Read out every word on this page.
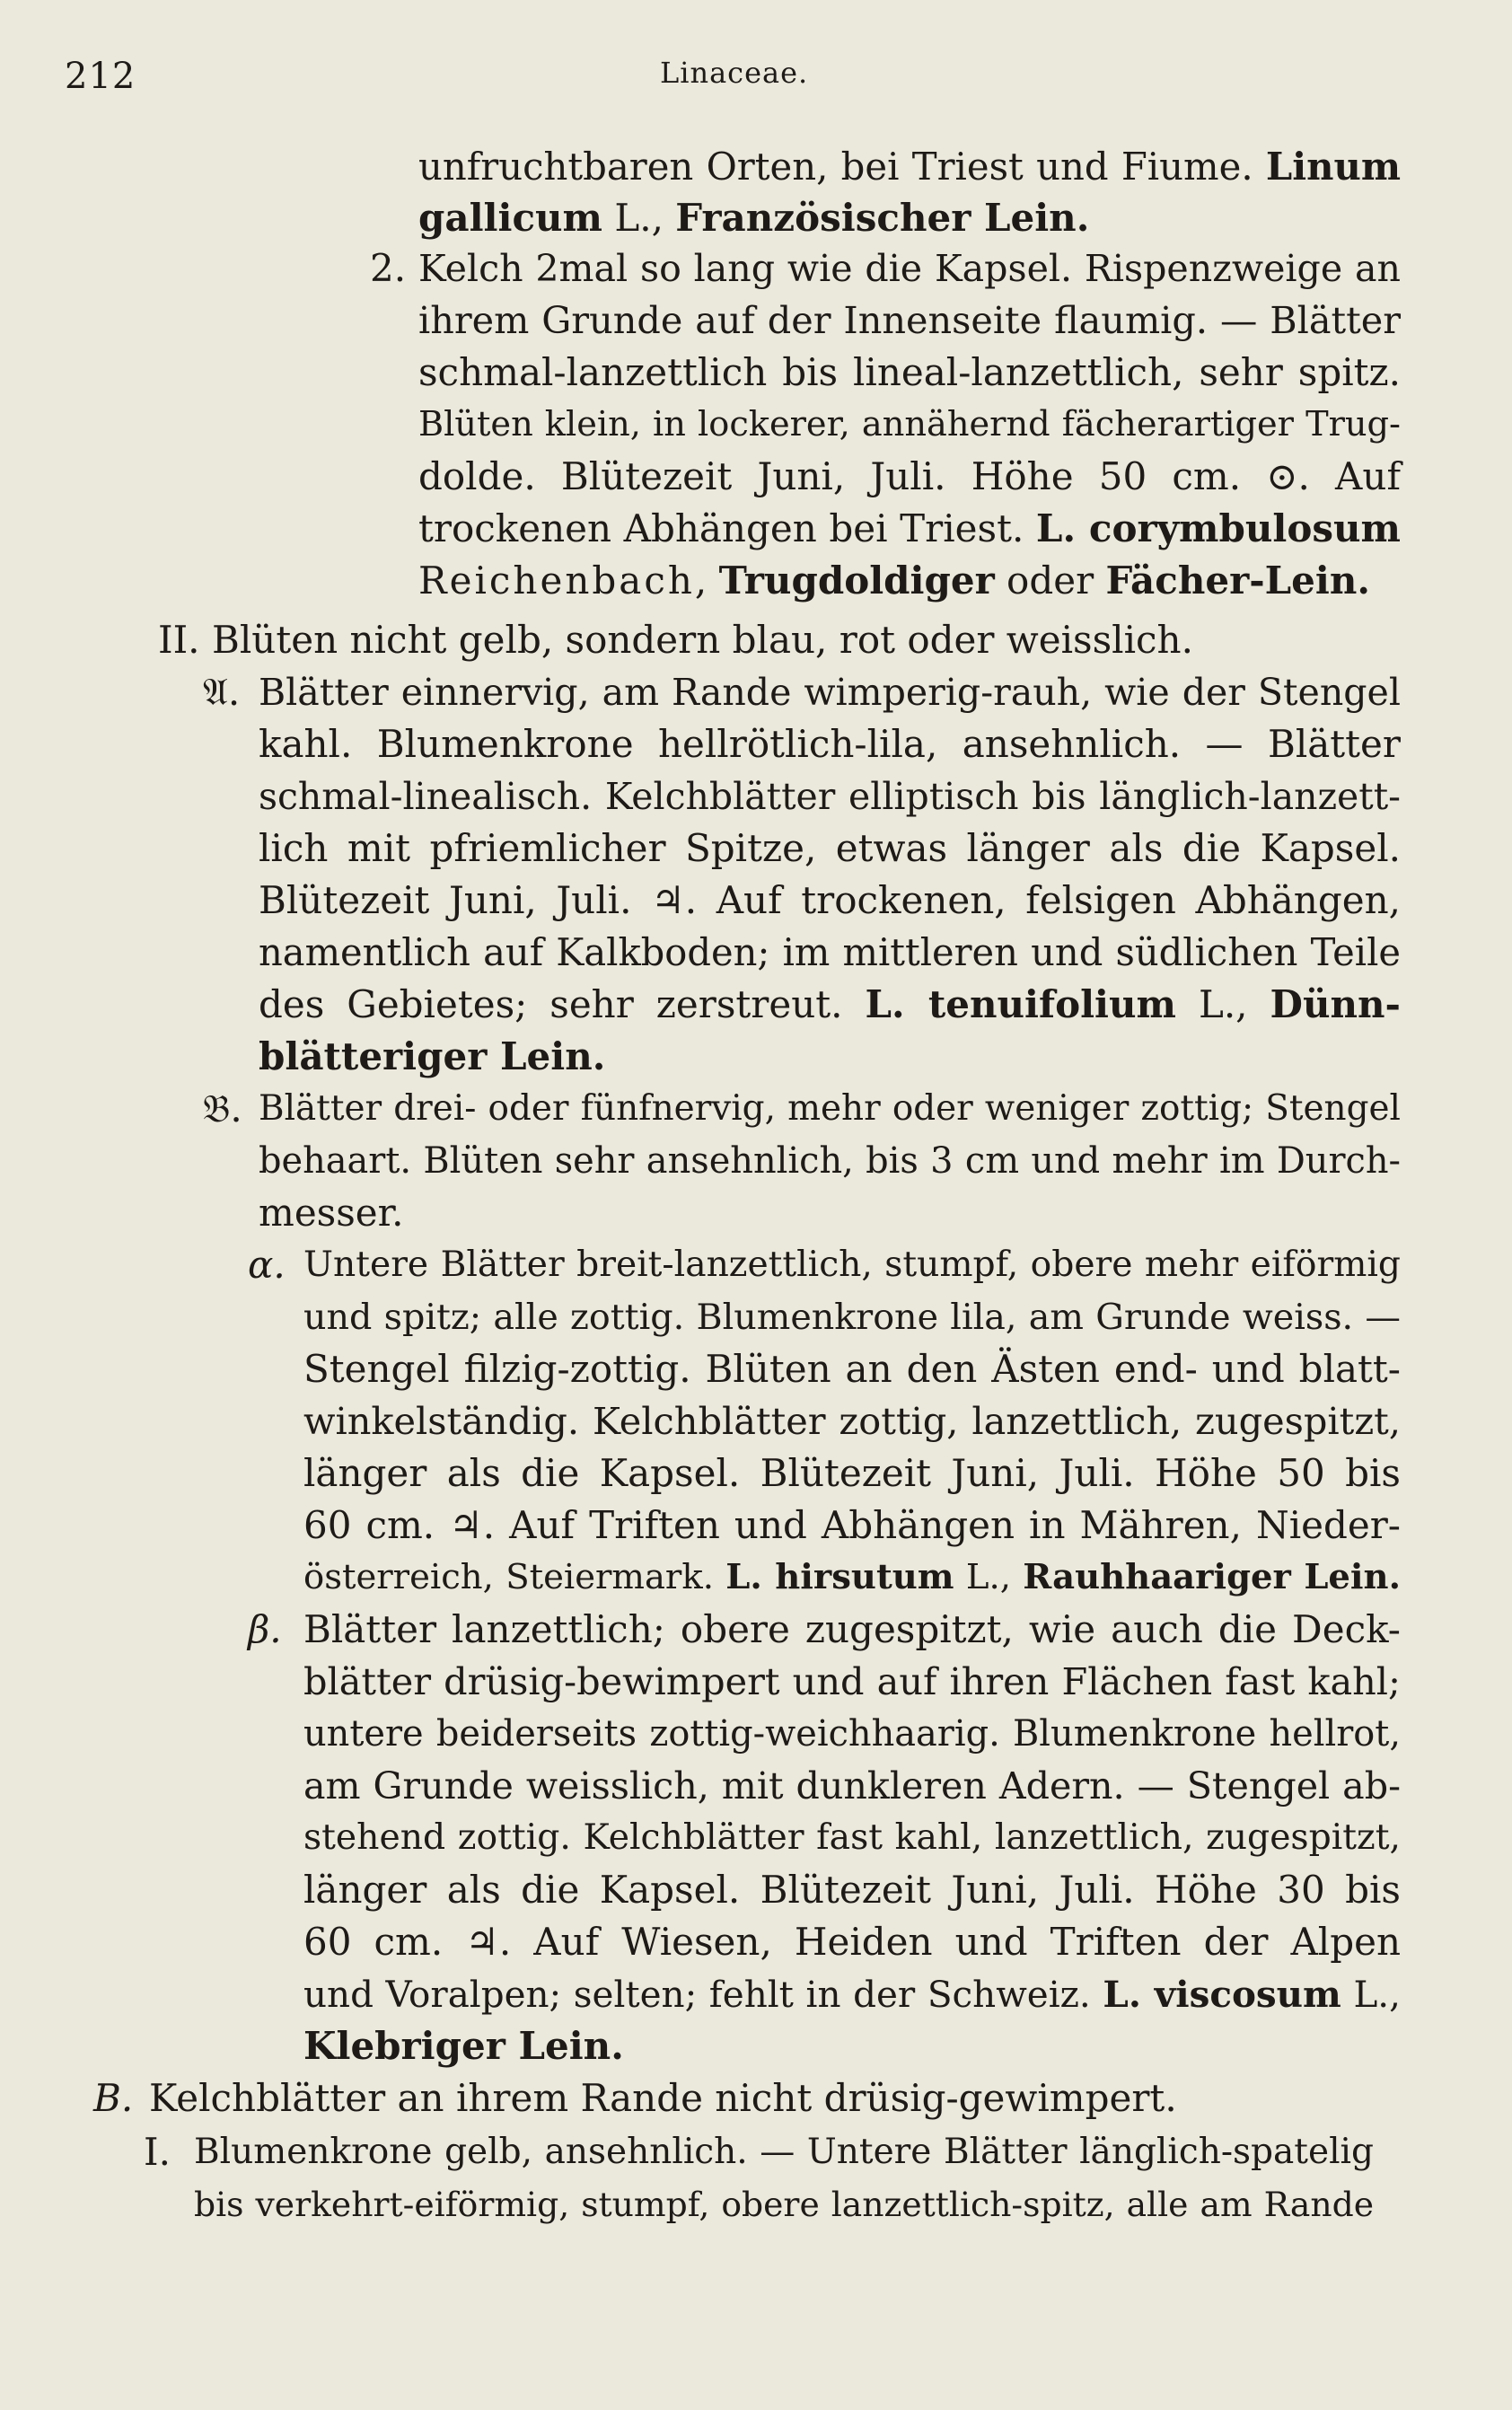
212	Linaceae.
unfruchtbaren Orten, bei Triest und Fiume. Linum
gallicum L., Französischer Lein.
2. Kelch 2mal so lang wie die Kapsel. Rispenzweige an
ihrem Grunde auf der Innenseite flaumig. — Blätter
schmal-lanzettlich bis lineal-lanzettlich, sehr spitz.
Blüten klein, in lockerer, annähernd fächerartiger Trug-
dolde. Blütezeit Juni, Juli. Höhe 50 cm. ⊙. Auf
trockenen Abhängen bei Triest. L. corymbulosum
Reichenbach, Trugdoldiger oder Fächer-Lein.
II. Blüten nicht gelb, sondern blau, rot oder weisslich.
𝔄. Blätter einnervig, am Rande wimperig-rauh, wie der Stengel
kahl. Blumenkrone hellrötlich-lila, ansehnlich. — Blätter
schmal-linealisch. Kelchblätter elliptisch bis länglich-lanzett-
lich mit pfriemlicher Spitze, etwas länger als die Kapsel.
Blütezeit Juni, Juli. ♃. Auf trockenen, felsigen Abhängen,
namentlich auf Kalkboden; im mittleren und südlichen Teile
des Gebietes; sehr zerstreut. L. tenuifolium L., Dünn-
blätteriger Lein.
𝔅. Blätter drei- oder fünfnervig, mehr oder weniger zottig; Stengel
behaart. Blüten sehr ansehnlich, bis 3 cm und mehr im Durch-
messer.
α. Untere Blätter breit-lanzettlich, stumpf, obere mehr eiförmig
und spitz; alle zottig. Blumenkrone lila, am Grunde weiss. —
Stengel filzig-zottig. Blüten an den Ästen end- und blatt-
winkelständig. Kelchblätter zottig, lanzettlich, zugespitzt,
länger als die Kapsel. Blütezeit Juni, Juli. Höhe 50 bis
60 cm. ♃. Auf Triften und Abhängen in Mähren, Nieder-
österreich, Steiermark. L. hirsutum L., Rauhhaariger Lein.
β. Blätter lanzettlich; obere zugespitzt, wie auch die Deck-
blätter drüsig-bewimpert und auf ihren Flächen fast kahl;
untere beiderseits zottig-weichhaarig. Blumenkrone hellrot,
am Grunde weisslich, mit dunkleren Adern. — Stengel ab-
stehend zottig. Kelchblätter fast kahl, lanzettlich, zugespitzt,
länger als die Kapsel. Blütezeit Juni, Juli. Höhe 30 bis
60 cm. ♃. Auf Wiesen, Heiden und Triften der Alpen
und Voralpen; selten; fehlt in der Schweiz. L. viscosum L.,
Klebriger Lein.
B. Kelchblätter an ihrem Rande nicht drüsig-gewimpert.
I. Blumenkrone gelb, ansehnlich. — Untere Blätter länglich-spatelig
bis verkehrt-eiförmig, stumpf, obere lanzettlich-spitz, alle am Rande
